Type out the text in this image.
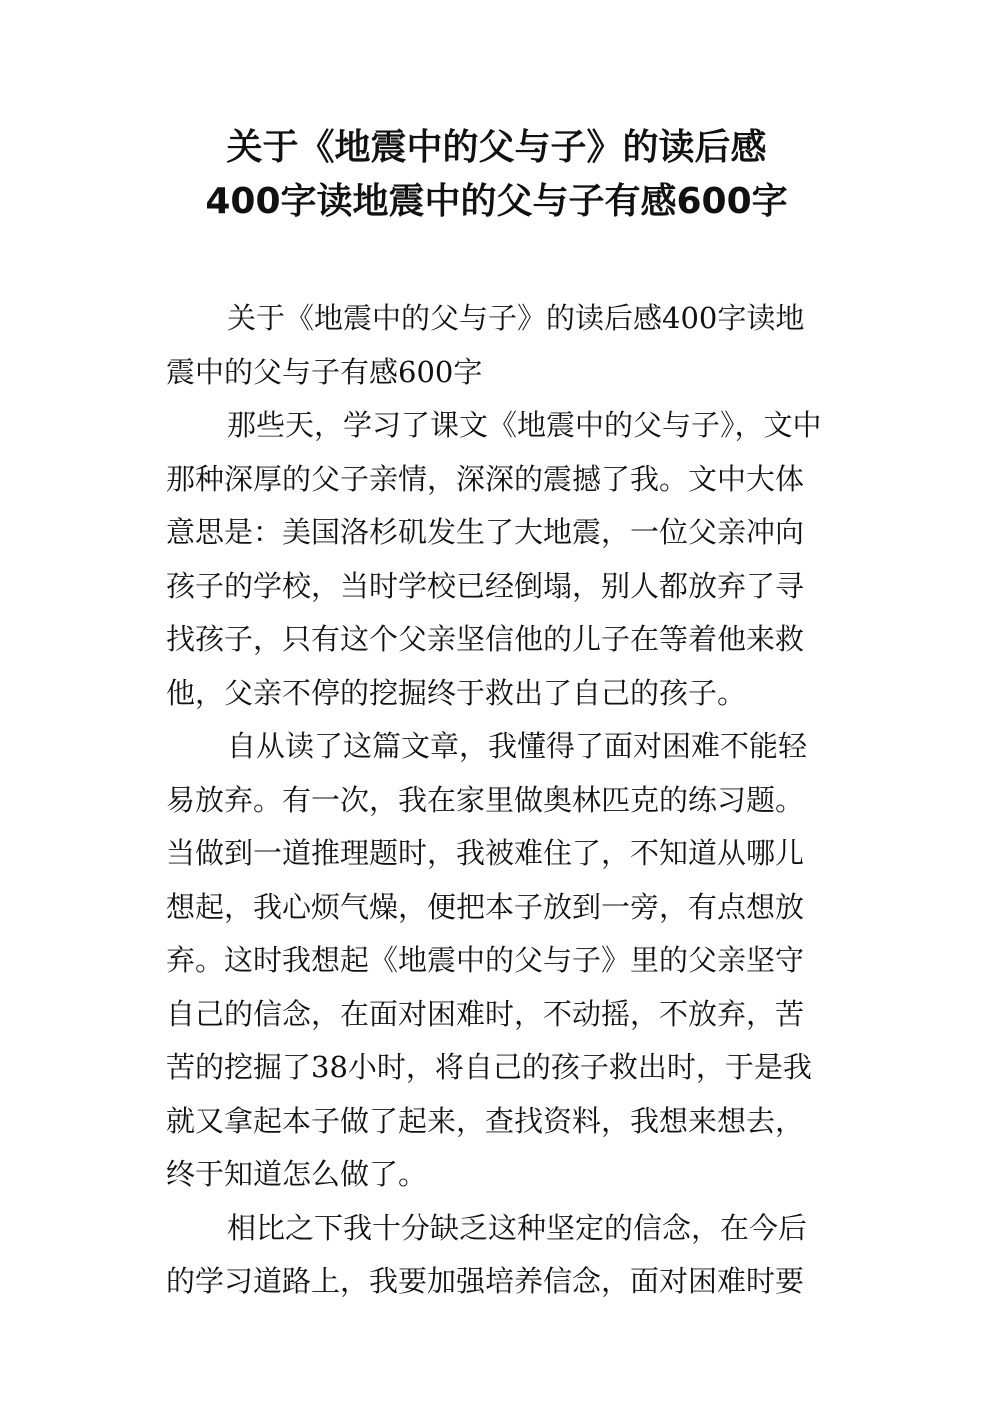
关于《地震中的父与子》的读后感
400字读地震中的父与子有感600字

关于《地震中的父与子》的读后感400字读地震中的父与子有感600字

那些天，学习了课文《地震中的父与子》，文中那种深厚的父子亲情，深深的震撼了我。文中大体意思是：美国洛杉矶发生了大地震，一位父亲冲向孩子的学校，当时学校已经倒塌，别人都放弃了寻找孩子，只有这个父亲坚信他的儿子在等着他来救他，父亲不停的挖掘终于救出了自己的孩子。

自从读了这篇文章，我懂得了面对困难不能轻易放弃。有一次，我在家里做奥林匹克的练习题。当做到一道推理题时，我被难住了，不知道从哪儿想起，我心烦气燥，便把本子放到一旁，有点想放弃。这时我想起《地震中的父与子》里的父亲坚守自己的信念，在面对困难时，不动摇，不放弃，苦苦的挖掘了38小时，将自己的孩子救出时，于是我就又拿起本子做了起来，查找资料，我想来想去，终于知道怎么做了。

相比之下我十分缺乏这种坚定的信念，在今后的学习道路上，我要加强培养信念，面对困难时要
